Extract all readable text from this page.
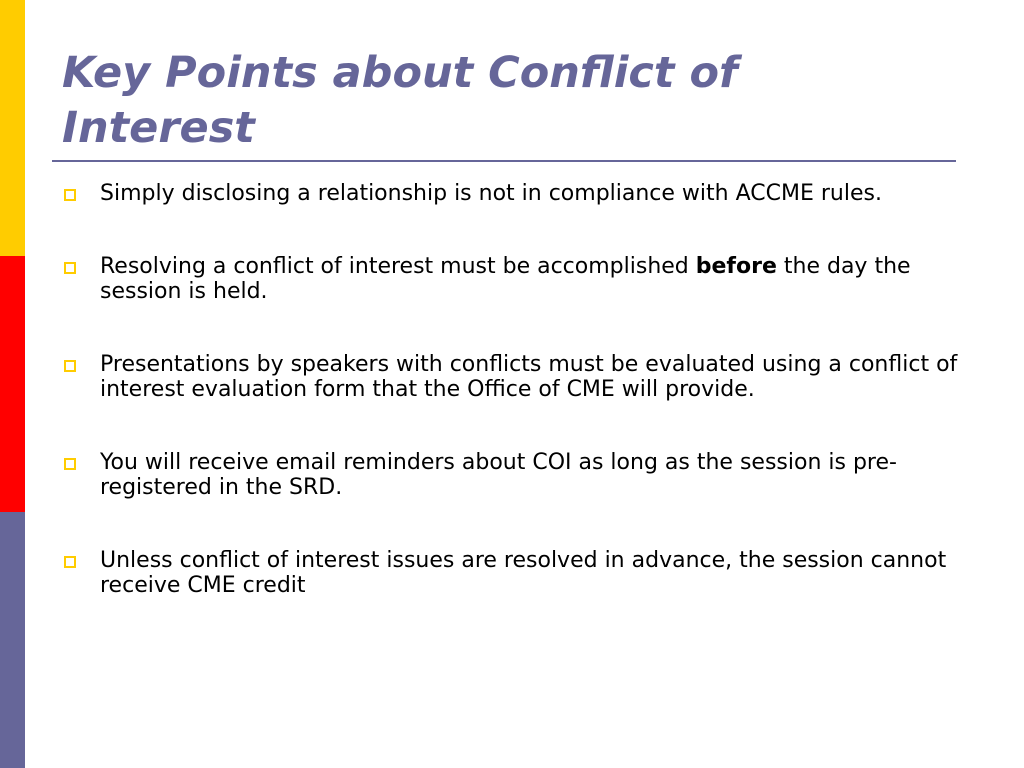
Key Points about Conflict of Interest
Simply disclosing a relationship is not in compliance with ACCME rules.
Resolving a conflict of interest must be accomplished before the day the session is held.
Presentations by speakers with conflicts must be evaluated using a conflict of interest evaluation form that the Office of CME will provide.
You will receive email reminders about COI as long as the session is pre-registered in the SRD.
Unless conflict of interest issues are resolved in advance, the session cannot receive CME credit
